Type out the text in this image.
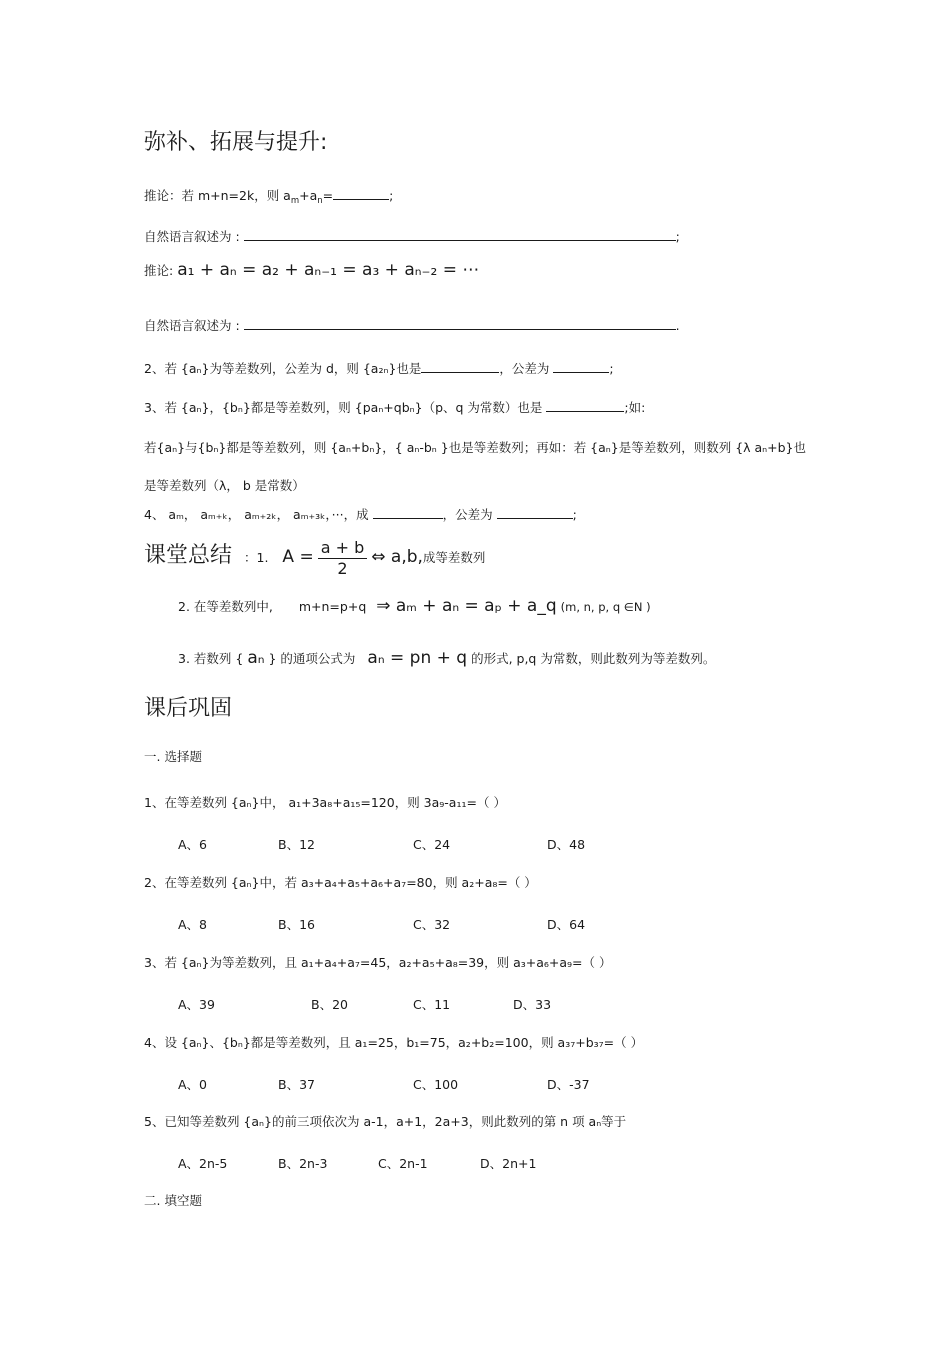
弥补、拓展与提升:
推论：若 m+n=2k，则 $a_m+a_n=$	;
自然语言叙述为 :	;
推论: a₁ + aₙ = a₂ + aₙ₋₁ = a₃ + aₙ₋₂ = ⋯
自然语言叙述为 :	.
2、若 {aₙ}为等差数列，公差为 d，则 {a₂ₙ}也是	，公差为	;
3、若 {aₙ}，{bₙ}都是等差数列，则 {paₙ+qbₙ}（p、q 为常数）也是	;如:
若{aₙ}与{bₙ}都是等差数列，则 {aₙ+bₙ}，{ aₙ-bₙ }也是等差数列；再如：若 {aₙ}是等差数列，则数列 {λ aₙ+b}也
是等差数列（λ， b 是常数）
4、 aₘ， aₘ₊ₖ， aₘ₊₂ₖ， aₘ₊₃ₖ，···，成	，公差为	;
课堂总结 ：1. $A = \frac{a + b}{2}$ ⇔ a,b,成等差数列
2. 在等差数列中, m+n=p+q ⇒ aₘ + aₙ = aₚ + a_q (m, n, p, q ∈N )
3. 若数列 { aₙ } 的通项公式为 aₙ = pn + q 的形式, p,q 为常数，则此数列为等差数列。
课后巩固
一. 选择题
1、在等差数列 {aₙ}中， a₁+3a₈+a₁₅=120，则 3a₉-a₁₁=（ ）
A、6	B、12	C、24	D、48
2、在等差数列 {aₙ}中，若 a₃+a₄+a₅+a₆+a₇=80，则 a₂+a₈=（ ）
A、8	B、16	C、32	D、64
3、若 {aₙ}为等差数列，且 a₁+a₄+a₇=45，a₂+a₅+a₈=39，则 a₃+a₆+a₉=（ ）
A、39	B、20	C、11	D、33
4、设 {aₙ}、{bₙ}都是等差数列，且 a₁=25，b₁=75，a₂+b₂=100，则 a₃₇+b₃₇=（ ）
A、0	B、37	C、100	D、-37
5、已知等差数列 {aₙ}的前三项依次为 a-1，a+1，2a+3，则此数列的第 n 项 aₙ等于
A、2n-5	B、2n-3	C、2n-1	D、2n+1
二. 填空题
